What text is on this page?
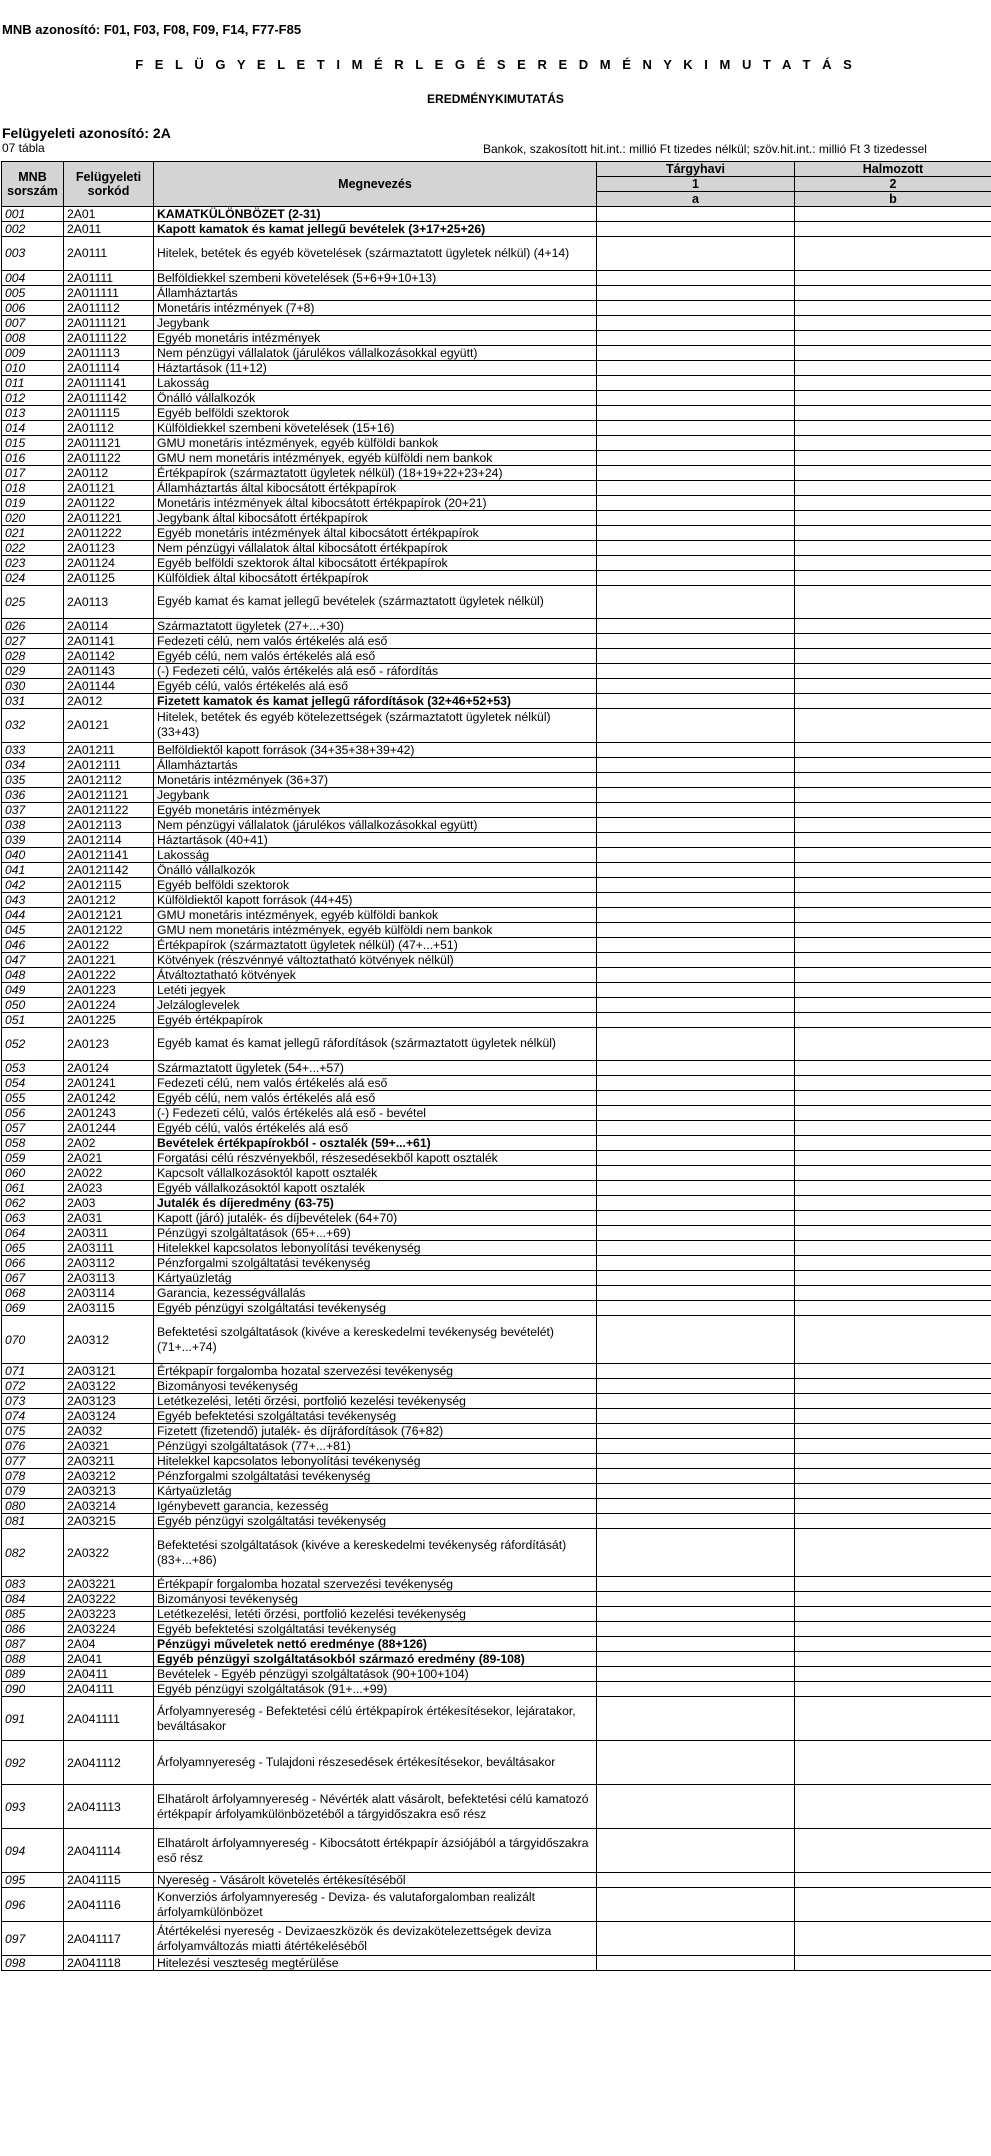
MNB azonosító: F01, F03, F08, F09, F14, F77-F85
F E L Ü G Y E L E T I M É R L E G É S E R E D M É N Y K I M U T A T Á S
EREDMÉNYKIMUTATÁS
Felügyeleti azonosító: 2A
07 tábla	Bankok, szakosított hit.int.: millió Ft tizedes nélkül; szöv.hit.int.: millió Ft 3 tizedessel
MNB sorszám	Felügyeleti sorkód	Megnevezés	Tárgyhavi	Halmozott
			1	2
			a	b
001	2A01	KAMATKÜLÖNBÖZET (2-31)		
002	2A011	Kapott kamatok és kamat jellegű bevételek (3+17+25+26)		
003	2A0111	Hitelek, betétek és egyéb követelések (származtatott ügyletek nélkül) (4+14)		
004	2A01111	Belföldiekkel szembeni követelések (5+6+9+10+13)		
005	2A011111	Államháztartás		
006	2A011112	Monetáris intézmények (7+8)		
007	2A0111121	Jegybank		
008	2A0111122	Egyéb monetáris intézmények		
009	2A011113	Nem pénzügyi vállalatok (járulékos vállalkozásokkal együtt)		
010	2A011114	Háztartások (11+12)		
011	2A0111141	Lakosság		
012	2A0111142	Önálló vállalkozók		
013	2A011115	Egyéb belföldi szektorok		
014	2A01112	Külföldiekkel szembeni követelések (15+16)		
015	2A011121	GMU monetáris intézmények, egyéb külföldi bankok		
016	2A011122	GMU nem monetáris intézmények, egyéb külföldi nem bankok		
017	2A0112	Értékpapírok (származtatott ügyletek nélkül) (18+19+22+23+24)		
018	2A01121	Államháztartás által kibocsátott értékpapírok		
019	2A01122	Monetáris intézmények által kibocsátott értékpapírok (20+21)		
020	2A011221	Jegybank által kibocsátott értékpapírok		
021	2A011222	Egyéb monetáris intézmények által kibocsátott értékpapírok		
022	2A01123	Nem pénzügyi vállalatok által kibocsátott értékpapírok		
023	2A01124	Egyéb belföldi szektorok által kibocsátott értékpapírok		
024	2A01125	Külföldiek által kibocsátott értékpapírok		
025	2A0113	Egyéb kamat és kamat jellegű bevételek (származtatott ügyletek nélkül)		
026	2A0114	Származtatott ügyletek (27+...+30)		
027	2A01141	Fedezeti célú, nem valós értékelés alá eső		
028	2A01142	Egyéb célú, nem valós értékelés alá eső		
029	2A01143	(-) Fedezeti célú, valós értékelés alá eső - ráfordítás		
030	2A01144	Egyéb célú, valós értékelés alá eső		
031	2A012	Fizetett kamatok és kamat jellegű ráfordítások (32+46+52+53)		
032	2A0121	Hitelek, betétek és egyéb kötelezettségek (származtatott ügyletek nélkül) (33+43)		
033	2A01211	Belföldiektől kapott források (34+35+38+39+42)		
034	2A012111	Államháztartás		
035	2A012112	Monetáris intézmények (36+37)		
036	2A0121121	Jegybank		
037	2A0121122	Egyéb monetáris intézmények		
038	2A012113	Nem pénzügyi vállalatok (járulékos vállalkozásokkal együtt)		
039	2A012114	Háztartások (40+41)		
040	2A0121141	Lakosság		
041	2A0121142	Önálló vállalkozók		
042	2A012115	Egyéb belföldi szektorok		
043	2A01212	Külföldiektől kapott források (44+45)		
044	2A012121	GMU monetáris intézmények, egyéb külföldi bankok		
045	2A012122	GMU nem monetáris intézmények, egyéb külföldi nem bankok		
046	2A0122	Értékpapírok (származtatott ügyletek nélkül) (47+...+51)		
047	2A01221	Kötvények (részvénnyé változtatható kötvények nélkül)		
048	2A01222	Átváltoztatható kötvények		
049	2A01223	Letéti jegyek		
050	2A01224	Jelzáloglevelek		
051	2A01225	Egyéb értékpapírok		
052	2A0123	Egyéb kamat és kamat jellegű ráfordítások (származtatott ügyletek nélkül)		
053	2A0124	Származtatott ügyletek (54+...+57)		
054	2A01241	Fedezeti célú, nem valós értékelés alá eső		
055	2A01242	Egyéb célú, nem valós értékelés alá eső		
056	2A01243	(-) Fedezeti célú, valós értékelés alá eső - bevétel		
057	2A01244	Egyéb célú, valós értékelés alá eső		
058	2A02	Bevételek értékpapírokból - osztalék (59+...+61)		
059	2A021	Forgatási célú részvényekből, részesedésekből kapott osztalék		
060	2A022	Kapcsolt vállalkozásoktól kapott osztalék		
061	2A023	Egyéb vállalkozásoktól kapott osztalék		
062	2A03	Jutalék és díjeredmény (63-75)		
063	2A031	Kapott (járó) jutalék- és díjbevételek (64+70)		
064	2A0311	Pénzügyi szolgáltatások (65+...+69)		
065	2A03111	Hitelekkel kapcsolatos lebonyolítási tevékenység		
066	2A03112	Pénzforgalmi szolgáltatási tevékenység		
067	2A03113	Kártyaüzletág		
068	2A03114	Garancia, kezességvállalás		
069	2A03115	Egyéb pénzügyi szolgáltatási tevékenység		
070	2A0312	Befektetési szolgáltatások (kivéve a kereskedelmi tevékenység bevételét) (71+...+74)		
071	2A03121	Értékpapír forgalomba hozatal szervezési tevékenység		
072	2A03122	Bizományosi tevékenység		
073	2A03123	Letétkezelési, letéti őrzési, portfolió kezelési tevékenység		
074	2A03124	Egyéb befektetési szolgáltatási tevékenység		
075	2A032	Fizetett (fizetendő) jutalék- és díjráfordítások (76+82)		
076	2A0321	Pénzügyi szolgáltatások (77+...+81)		
077	2A03211	Hitelekkel kapcsolatos lebonyolítási tevékenység		
078	2A03212	Pénzforgalmi szolgáltatási tevékenység		
079	2A03213	Kártyaüzletág		
080	2A03214	Igénybevett garancia, kezesség		
081	2A03215	Egyéb pénzügyi szolgáltatási tevékenység		
082	2A0322	Befektetési szolgáltatások (kivéve a kereskedelmi tevékenység ráfordítását) (83+...+86)		
083	2A03221	Értékpapír forgalomba hozatal szervezési tevékenység		
084	2A03222	Bizományosi tevékenység		
085	2A03223	Letétkezelési, letéti őrzési, portfolió kezelési tevékenység		
086	2A03224	Egyéb befektetési szolgáltatási tevékenység		
087	2A04	Pénzügyi műveletek nettó eredménye (88+126)		
088	2A041	Egyéb pénzügyi szolgáltatásokból származó eredmény (89-108)		
089	2A0411	Bevételek - Egyéb pénzügyi szolgáltatások (90+100+104)		
090	2A04111	Egyéb pénzügyi szolgáltatások (91+...+99)		
091	2A041111	Árfolyamnyereség - Befektetési célú értékpapírok értékesítésekor, lejáratakor, beváltásakor		
092	2A041112	Árfolyamnyereség - Tulajdoni részesedések értékesítésekor, beváltásakor		
093	2A041113	Elhatárolt árfolyamnyereség - Névérték alatt vásárolt, befektetési célú kamatozó értékpapír árfolyamkülönbözetéből a tárgyidőszakra eső rész		
094	2A041114	Elhatárolt árfolyamnyereség - Kibocsátott értékpapír ázsiójából a tárgyidőszakra eső rész		
095	2A041115	Nyereség - Vásárolt követelés értékesítéséből		
096	2A041116	Konverziós árfolyamnyereség - Deviza- és valutaforgalomban realizált árfolyamkülönbözet		
097	2A041117	Átértékelési nyereség - Devizaeszközök és devizakötelezettségek deviza árfolyamváltozás miatti átértékeléséből		
098	2A041118	Hitelezési veszteség megtérülése		
